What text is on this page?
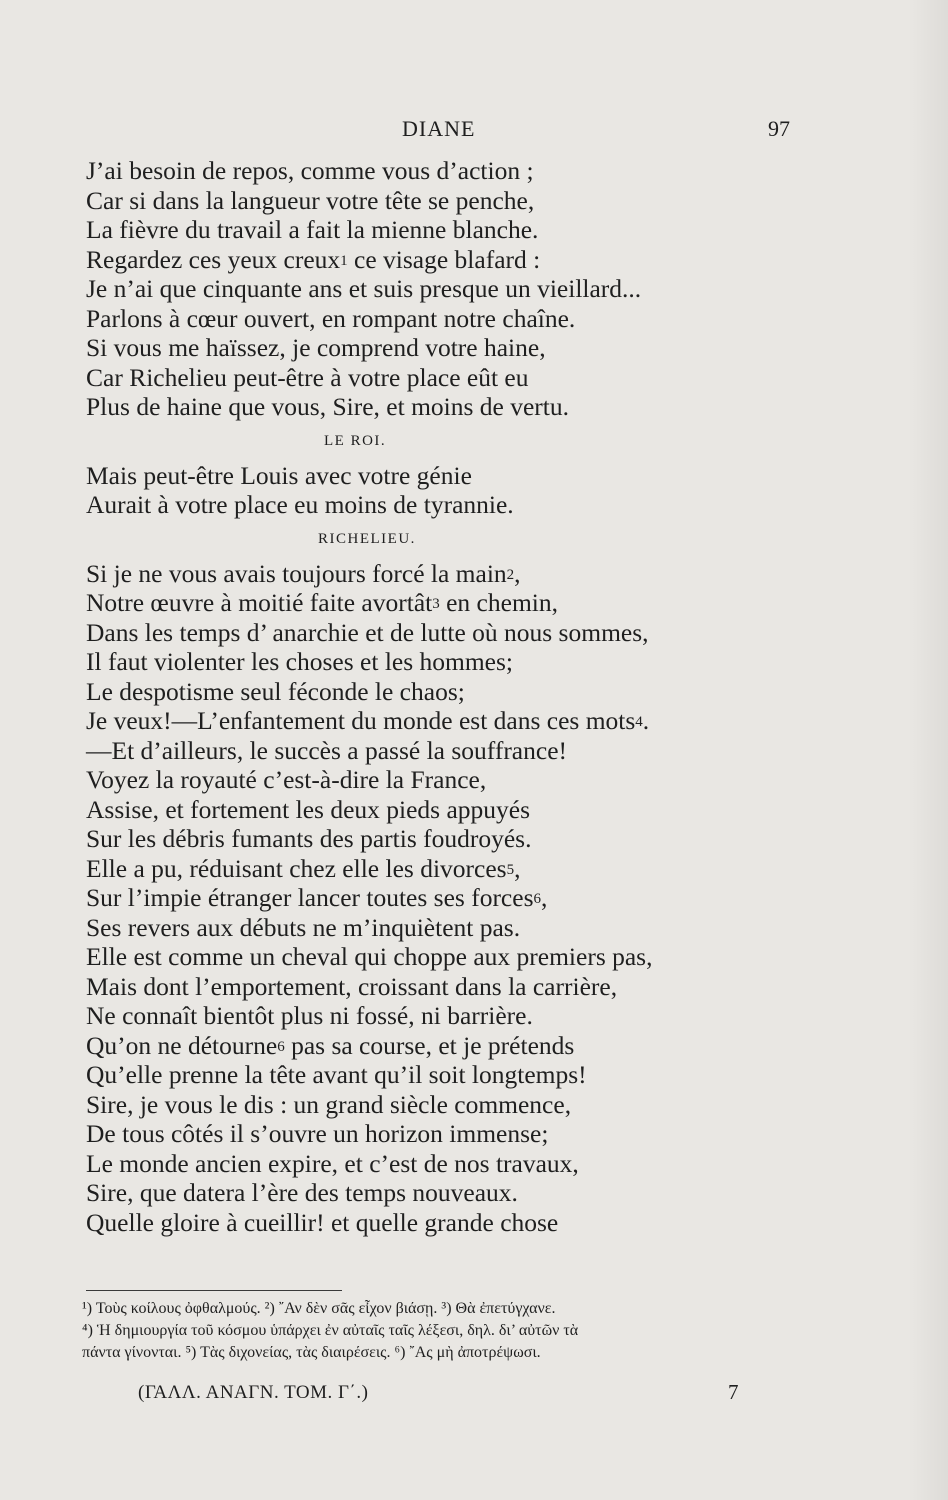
DIANE	97
J’ai besoin de repos, comme vous d’action ;
Car si dans la langueur votre tête se penche,
La fièvre du travail a fait la mienne blanche.
Regardez ces yeux creux$^1$ ce visage blafard :
Je n’ai que cinquante ans et suis presque un vieillard...
Parlons à cœur ouvert, en rompant notre chaîne.
Si vous me haïssez, je comprend votre haine,
Car Richelieu peut-être à votre place eût eu
Plus de haine que vous, Sire, et moins de vertu.
LE ROI.
Mais peut-être Louis avec votre génie
Aurait à votre place eu moins de tyrannie.
RICHELIEU.
Si je ne vous avais toujours forcé la main$^2$,
Notre œuvre à moitié faite avortât$^3$ en chemin,
Dans les temps d’ anarchie et de lutte où nous sommes,
Il faut violenter les choses et les hommes;
Le despotisme seul féconde le chaos;
Je veux!—L’enfantement du monde est dans ces mots$^4$.
—Et d’ailleurs, le succès a passé la souffrance!
Voyez la royauté c’est-à-dire la France,
Assise, et fortement les deux pieds appuyés
Sur les débris fumants des partis foudroyés.
Elle a pu, réduisant chez elle les divorces$^5$,
Sur l’impie étranger lancer toutes ses forces$^6$,
Ses revers aux débuts ne m’inquiètent pas.
Elle est comme un cheval qui choppe aux premiers pas,
Mais dont l’emportement, croissant dans la carrière,
Ne connaît bientôt plus ni fossé, ni barrière.
Qu’on ne détourne$^6$ pas sa course, et je prétends
Qu’elle prenne la tête avant qu’il soit longtemps!
Sire, je vous le dis : un grand siècle commence,
De tous côtés il s’ouvre un horizon immense;
Le monde ancien expire, et c’est de nos travaux,
Sire, que datera l’ère des temps nouveaux.
Quelle gloire à cueillir! et quelle grande chose
¹) Τοὺς κοίλους ὀφθαλμούς. ²) ῎Αν δὲν σᾶς εἶχον βιάσῃ. ³) Θὰ ἐπετύγχανε.
⁴) Ἡ δημιουργία τοῦ κόσμου ὑπάρχει ἐν αὐταῖς ταῖς λέξεσι, δηλ. δι’ αὐτῶν τὰ
πάντα γίνονται. ⁵) Τὰς διχονείας, τὰς διαιρέσεις. ⁶) ῎Ας μὴ ἀποτρέψωσι.
(ΓΑΛΛ. ΑΝΑΓΝ. ΤΟΜ. Γ΄.)	7
